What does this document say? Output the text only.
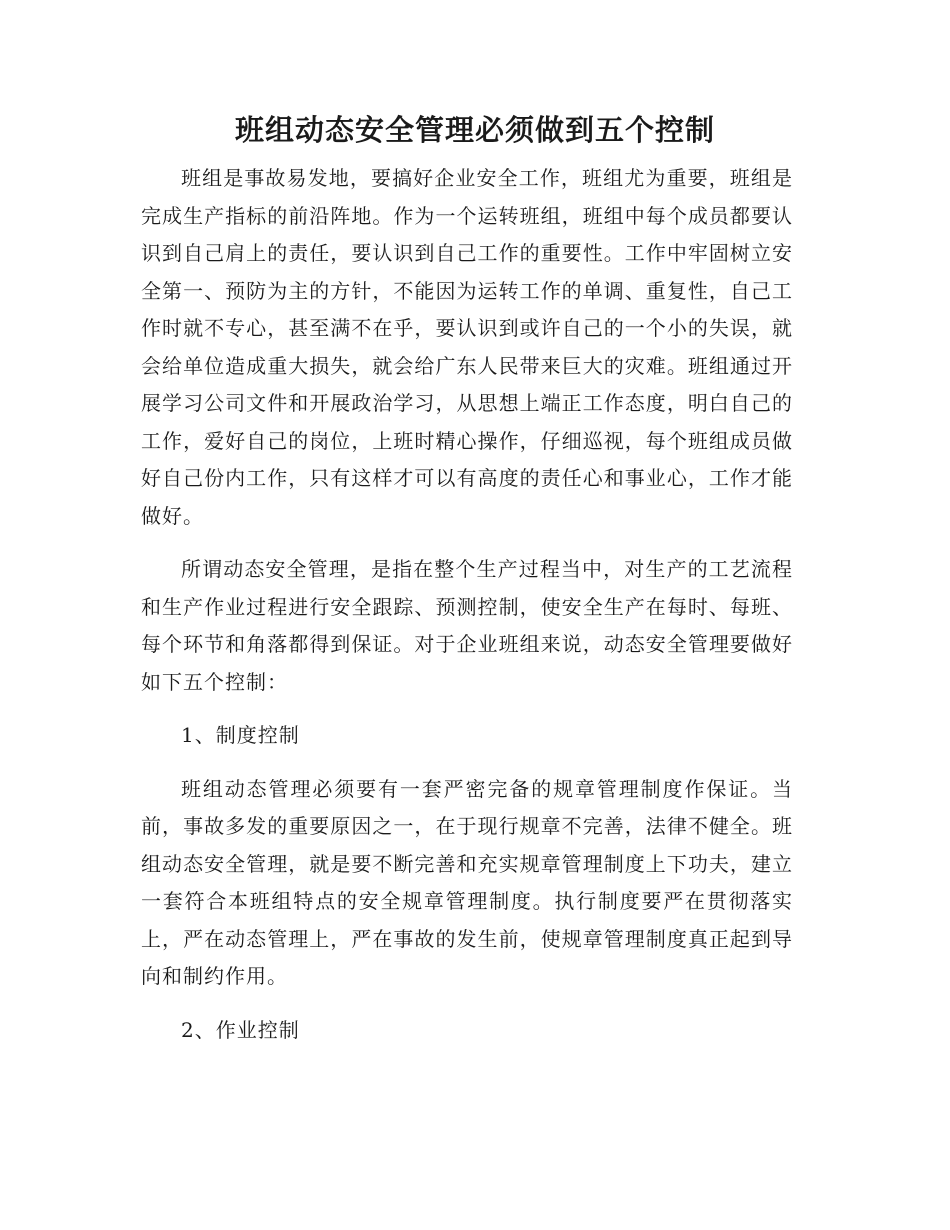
班组动态安全管理必须做到五个控制

班组是事故易发地，要搞好企业安全工作，班组尤为重要，班组是完成生产指标的前沿阵地。作为一个运转班组，班组中每个成员都要认识到自己肩上的责任，要认识到自己工作的重要性。工作中牢固树立安全第一、预防为主的方针，不能因为运转工作的单调、重复性，自己工作时就不专心，甚至满不在乎，要认识到或许自己的一个小的失误，就会给单位造成重大损失，就会给广东人民带来巨大的灾难。班组通过开展学习公司文件和开展政治学习，从思想上端正工作态度，明白自己的工作，爱好自己的岗位，上班时精心操作，仔细巡视，每个班组成员做好自己份内工作，只有这样才可以有高度的责任心和事业心，工作才能做好。

所谓动态安全管理，是指在整个生产过程当中，对生产的工艺流程和生产作业过程进行安全跟踪、预测控制，使安全生产在每时、每班、每个环节和角落都得到保证。对于企业班组来说，动态安全管理要做好如下五个控制：

1、制度控制

班组动态管理必须要有一套严密完备的规章管理制度作保证。当前，事故多发的重要原因之一，在于现行规章不完善，法律不健全。班组动态安全管理，就是要不断完善和充实规章管理制度上下功夫，建立一套符合本班组特点的安全规章管理制度。执行制度要严在贯彻落实上，严在动态管理上，严在事故的发生前，使规章管理制度真正起到导向和制约作用。

2、作业控制
